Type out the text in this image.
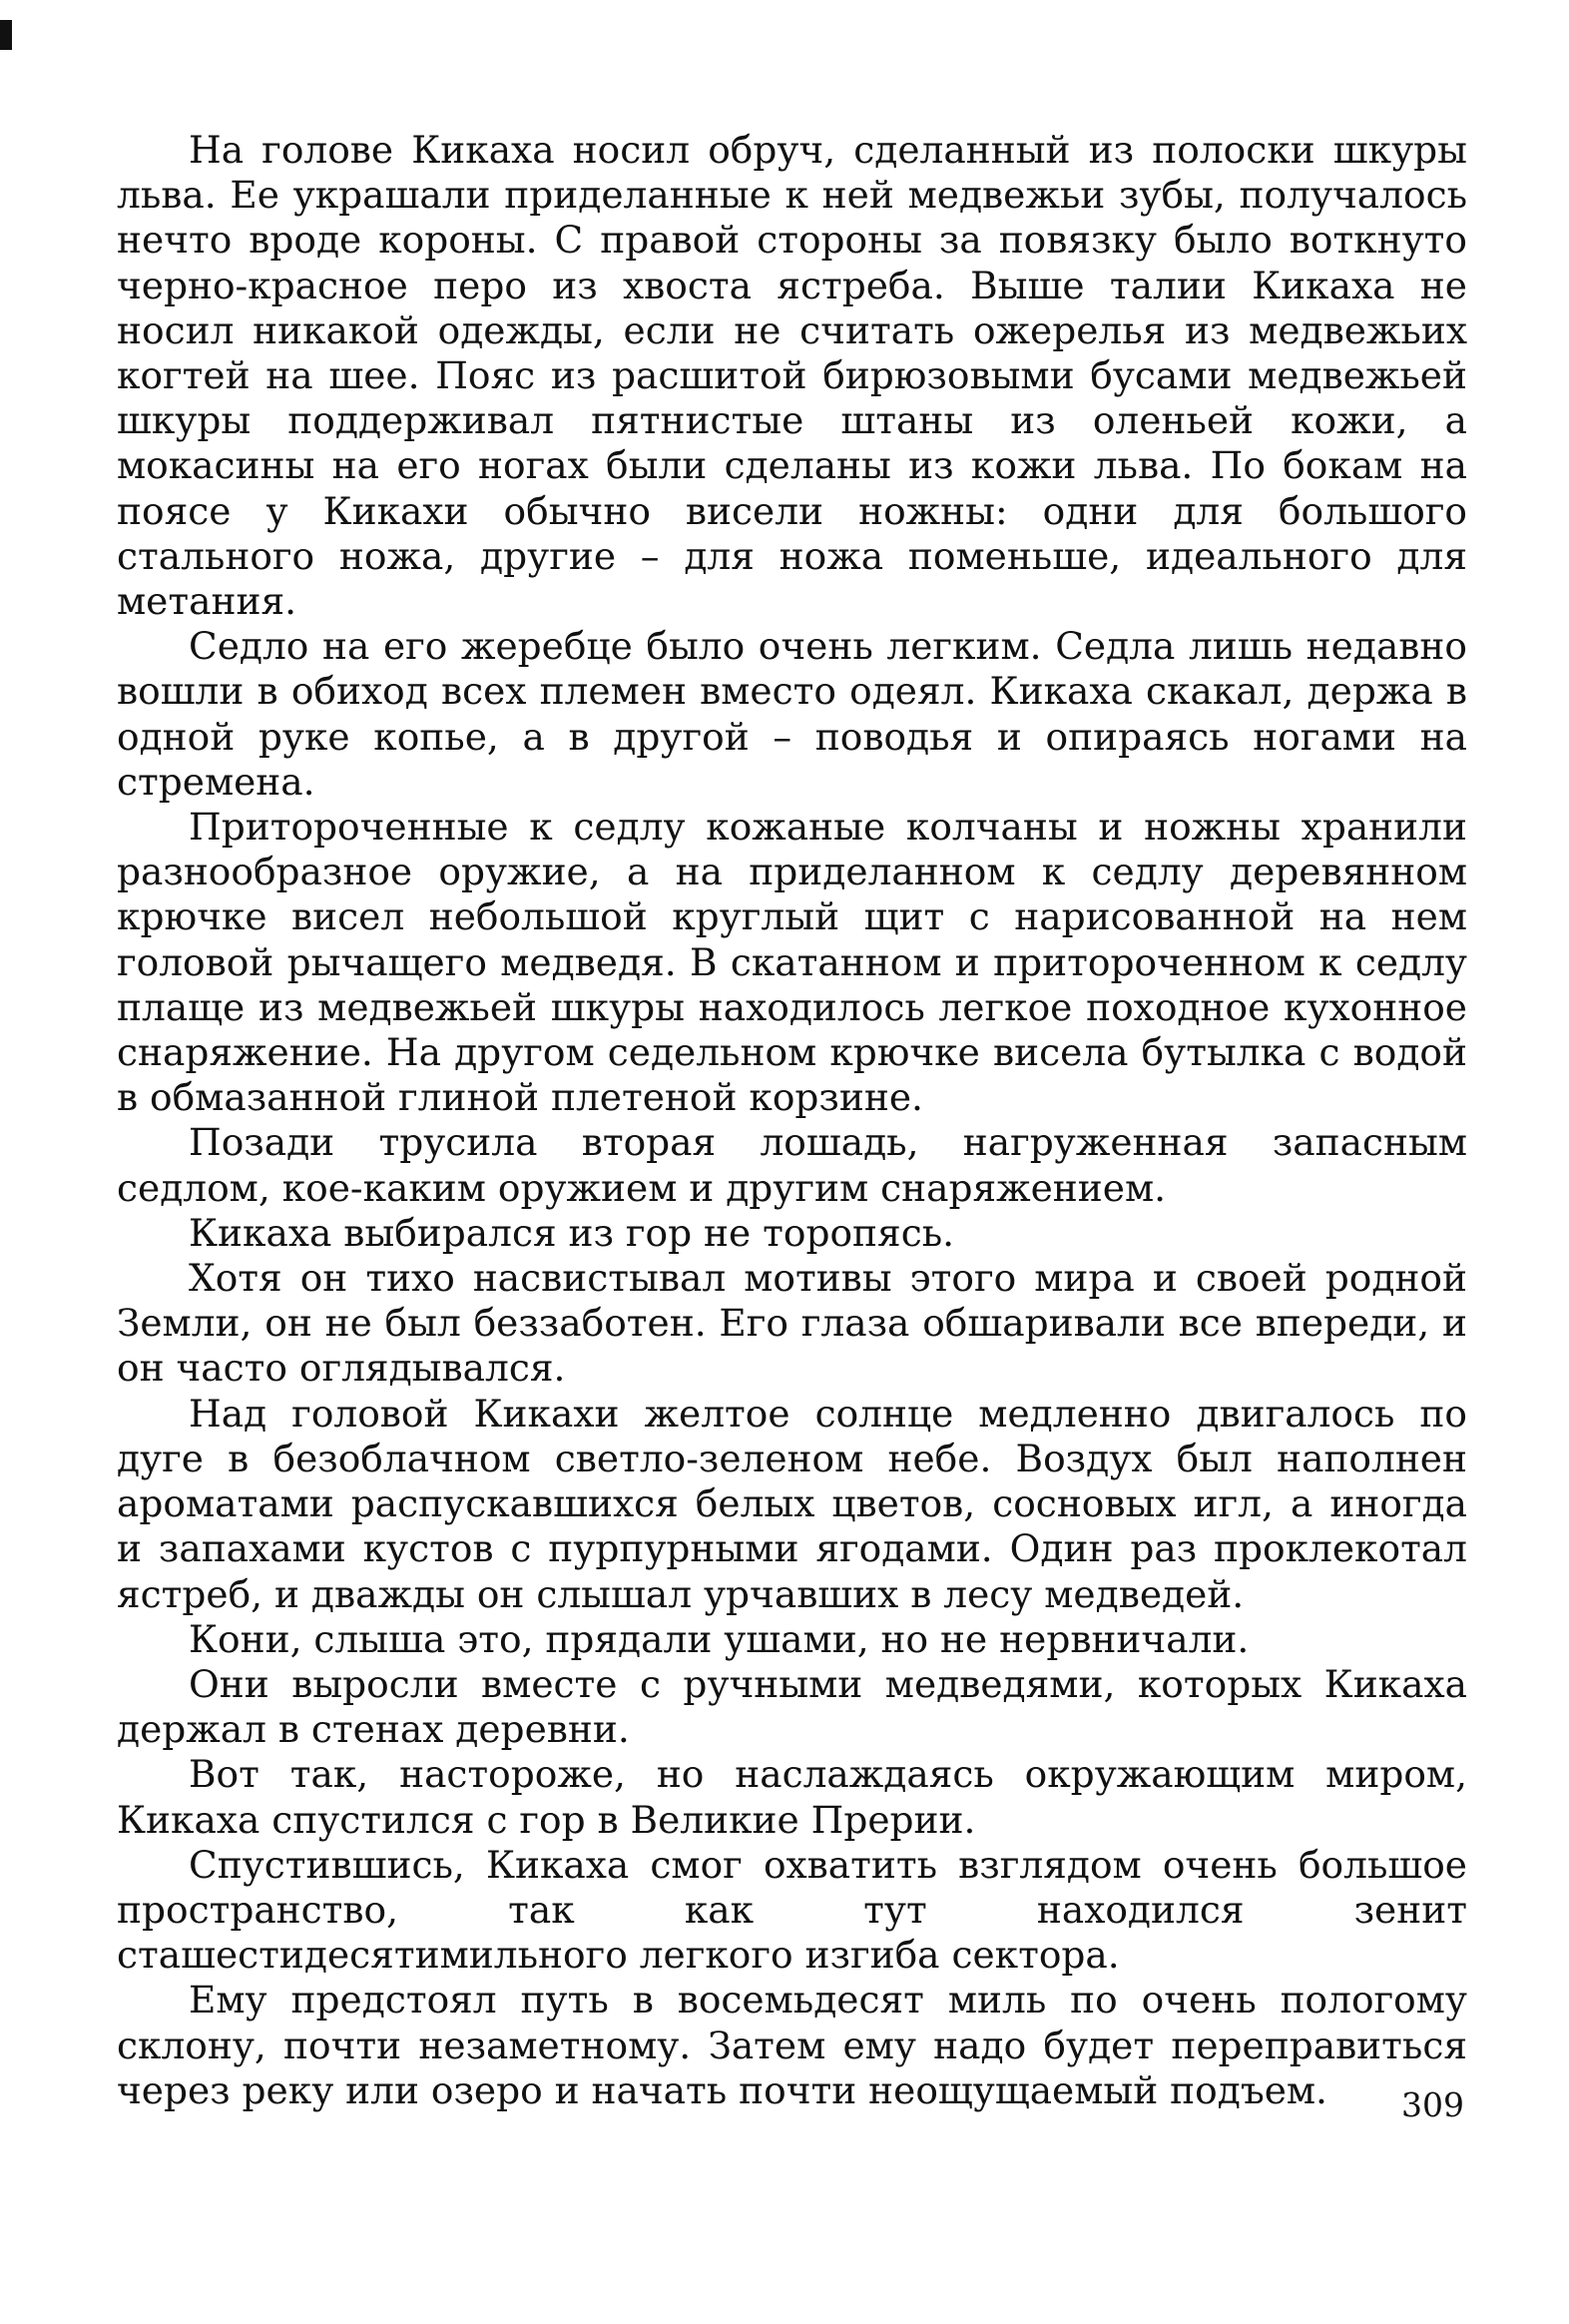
На голове Кикаха носил обруч, сделанный из полоски шкуры льва. Ее украшали приделанные к ней медвежьи зубы, получалось нечто вроде короны. С правой стороны за повязку было воткнуто черно-красное перо из хвоста ястреба. Выше талии Кикаха не носил никакой одежды, если не считать ожерелья из медвежьих когтей на шее. Пояс из расшитой бирюзовыми бусами медвежьей шкуры поддерживал пятнистые штаны из оленьей кожи, а мокасины на его ногах были сделаны из кожи льва. По бокам на поясе у Кикахи обычно висели ножны: одни для большого стального ножа, другие – для ножа поменьше, идеального для метания.

Седло на его жеребце было очень легким. Седла лишь недавно вошли в обиход всех племен вместо одеял. Кикаха скакал, держа в одной руке копье, а в другой – поводья и опираясь ногами на стремена.

Приторoченные к седлу кожаные колчаны и ножны хранили разнообразное оружие, а на приделанном к седлу деревянном крючке висел небольшой круглый щит с нарисованной на нем головой рычащего медведя. В скатанном и приторoченном к седлу плаще из медвежьей шкуры находилось легкое походное кухонное снаряжение. На другом седельном крючке висела бутылка с водой в обмазанной глиной плетеной корзине.

Позади трусила вторая лошадь, нагруженная запасным седлом, кое-каким оружием и другим снаряжением.

Кикаха выбирался из гор не торопясь.

Хотя он тихо насвистывал мотивы этого мира и своей родной Земли, он не был беззаботен. Его глаза обшаривали все впереди, и он часто оглядывался.

Над головой Кикахи желтое солнце медленно двигалось по дуге в безоблачном светло-зеленом небе. Воздух был наполнен ароматами распускавшихся белых цветов, сосновых игл, а иногда и запахами кустов с пурпурными ягодами. Один раз проклекотал ястреб, и дважды он слышал урчавших в лесу медведей.

Кони, слыша это, прядали ушами, но не нервничали.

Они выросли вместе с ручными медведями, которых Кикаха держал в стенах деревни.

Вот так, настороже, но наслаждаясь окружающим миром, Кикаха спустился с гор в Великие Прерии.

Спустившись, Кикаха смог охватить взглядом очень большое пространство, так как тут находился зенит сташестидесятимильного легкого изгиба сектора.

Ему предстоял путь в восемьдесят миль по очень пологому склону, почти незаметному. Затем ему надо будет переправиться через реку или озеро и начать почти неощущаемый подъем.	309
